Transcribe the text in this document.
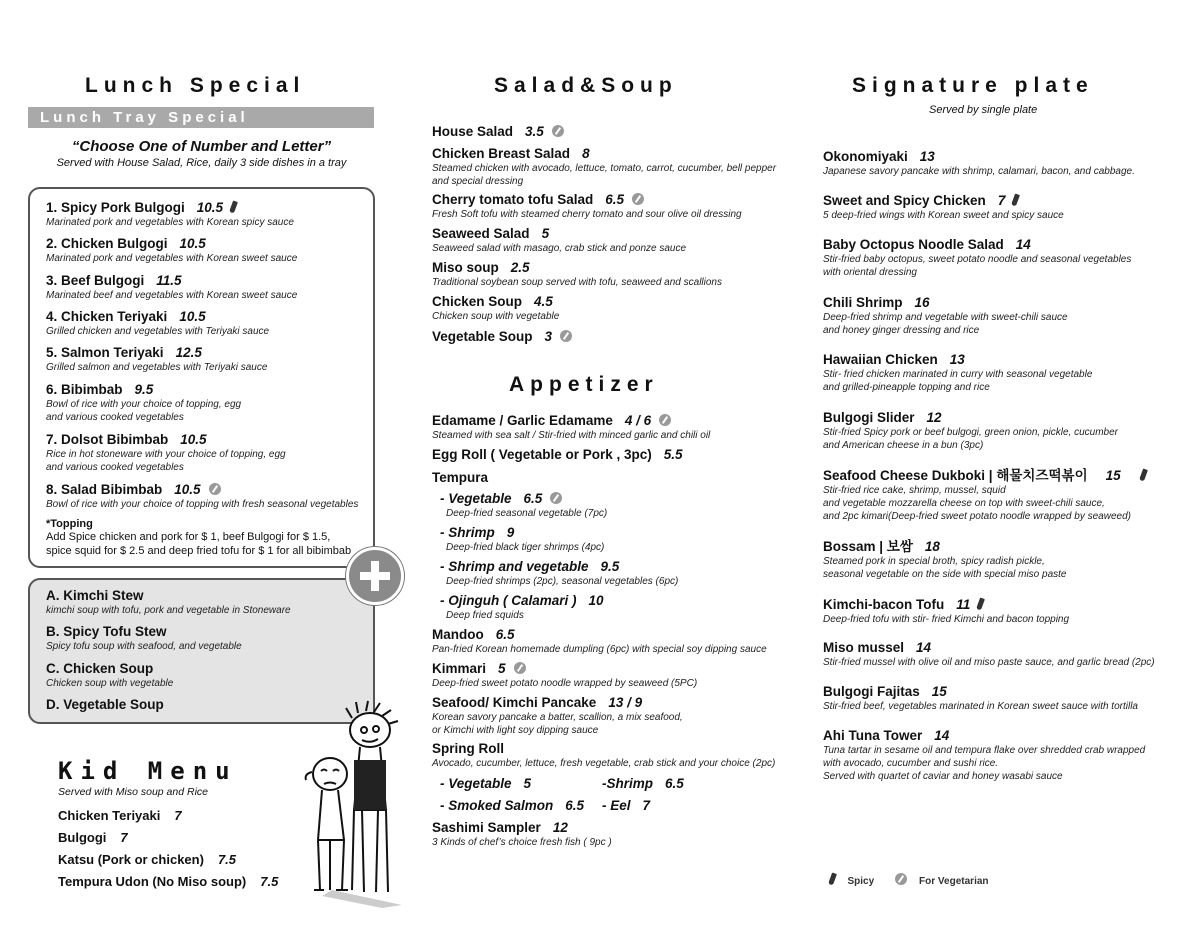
Lunch Special
Lunch Tray Special
“Choose One of Number and Letter”
Served with House Salad, Rice, daily 3 side dishes in a tray
1. Spicy Pork Bulgogi 10.5
Marinated pork and vegetables with Korean spicy sauce
2. Chicken Bulgogi 10.5
Marinated pork and vegetables with Korean sweet sauce
3. Beef Bulgogi 11.5
Marinated beef and vegetables with Korean sweet sauce
4. Chicken Teriyaki 10.5
Grilled chicken and vegetables with Teriyaki sauce
5. Salmon Teriyaki 12.5
Grilled salmon and vegetables with Teriyaki sauce
6. Bibimbab 9.5
Bowl of rice with your choice of topping, egg
and various cooked vegetables
7. Dolsot Bibimbab 10.5
Rice in hot stoneware with your choice of topping, egg
and various cooked vegetables
8. Salad Bibimbab 10.5
Bowl of rice with your choice of topping with fresh seasonal vegetables
*Topping
Add Spice chicken and pork for $ 1, beef Bulgogi for $ 1.5,
spice squid for $ 2.5 and deep fried tofu for $ 1 for all bibimbab
A. Kimchi Stew
kimchi soup with tofu, pork and vegetable in Stoneware
B. Spicy Tofu Stew
Spicy tofu soup with seafood, and vegetable
C. Chicken Soup
Chicken soup with vegetable
D. Vegetable Soup
Kid Menu
Served with Miso soup and Rice
Chicken Teriyaki 7
Bulgogi 7
Katsu (Pork or chicken) 7.5
Tempura Udon (No Miso soup) 7.5
Salad&Soup
House Salad 3.5
Chicken Breast Salad 8
Steamed chicken with avocado, lettuce, tomato, carrot, cucumber, bell pepper
and special dressing
Cherry tomato tofu Salad 6.5
Fresh Soft tofu with steamed cherry tomato and sour olive oil dressing
Seaweed Salad 5
Seaweed salad with masago, crab stick and ponze sauce
Miso soup 2.5
Traditional soybean soup served with tofu, seaweed and scallions
Chicken Soup 4.5
Chicken soup with vegetable
Vegetable Soup 3
Appetizer
Edamame / Garlic Edamame 4 / 6
Steamed with sea salt / Stir-fried with minced garlic and chili oil
Egg Roll ( Vegetable or Pork , 3pc) 5.5
Tempura
- Vegetable 6.5
Deep-fried seasonal vegetable (7pc)
- Shrimp 9
Deep-fried black tiger shrimps (4pc)
- Shrimp and vegetable 9.5
Deep-fried shrimps (2pc), seasonal vegetables (6pc)
- Ojinguh ( Calamari ) 10
Deep fried squids
Mandoo 6.5
Pan-fried Korean homemade dumpling (6pc) with special soy dipping sauce
Kimmari 5
Deep-fried sweet potato noodle wrapped by seaweed (5PC)
Seafood/ Kimchi Pancake 13 / 9
Korean savory pancake a batter, scallion, a mix seafood,
or Kimchi with light soy dipping sauce
Spring Roll
Avocado, cucumber, lettuce, fresh vegetable, crab stick and your choice (2pc)
- Vegetable 5	-Shrimp 6.5
- Smoked Salmon 6.5 - Eel 7
Sashimi Sampler 12
3 Kinds of chef’s choice fresh fish ( 9pc )
Signature plate
Served by single plate
Okonomiyaki 13
Japanese savory pancake with shrimp, calamari, bacon, and cabbage.
Sweet and Spicy Chicken 7
5 deep-fried wings with Korean sweet and spicy sauce
Baby Octopus Noodle Salad 14
Stir-fried baby octopus, sweet potato noodle and seasonal vegetables
with oriental dressing
Chili Shrimp 16
Deep-fried shrimp and vegetable with sweet-chili sauce
and honey ginger dressing and rice
Hawaiian Chicken 13
Stir- fried chicken marinated in curry with seasonal vegetable
and grilled-pineapple topping and rice
Bulgogi Slider 12
Stir-fried Spicy pork or beef bulgogi, green onion, pickle, cucumber
and American cheese in a bun (3pc)
Seafood Cheese Dukboki | 해물치즈떡볶이 15
Stir-fried rice cake, shrimp, mussel, squid
and vegetable mozzarella cheese on top with sweet-chili sauce,
and 2pc kimari(Deep-fried sweet potato noodle wrapped by seaweed)
Bossam | 보쌈 18
Steamed pork in special broth, spicy radish pickle,
seasonal vegetable on the side with special miso paste
Kimchi-bacon Tofu 11
Deep-fried tofu with stir- fried Kimchi and bacon topping
Miso mussel 14
Stir-fried mussel with olive oil and miso paste sauce, and garlic bread (2pc)
Bulgogi Fajitas 15
Stir-fried beef, vegetables marinated in Korean sweet sauce with tortilla
Ahi Tuna Tower 14
Tuna tartar in sesame oil and tempura flake over shredded crab wrapped
with avocado, cucumber and sushi rice.
Served with quartet of caviar and honey wasabi sauce
Spicy	For Vegetarian
